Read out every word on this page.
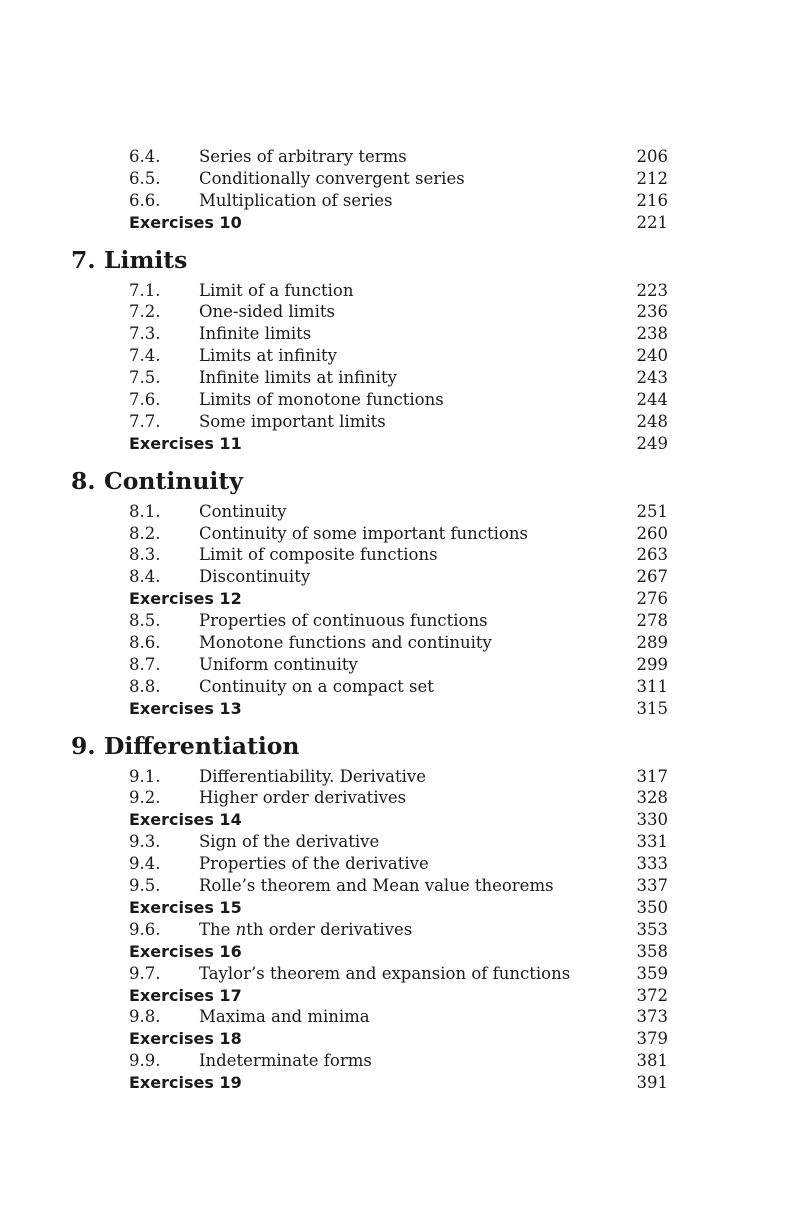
6.4. Series of arbitrary terms	206
6.5. Conditionally convergent series	212
6.6. Multiplication of series	216
Exercises 10	221
7. Limits
7.1. Limit of a function	223
7.2. One-sided limits	236
7.3. Infinite limits	238
7.4. Limits at infinity	240
7.5. Infinite limits at infinity	243
7.6. Limits of monotone functions	244
7.7. Some important limits	248
Exercises 11	249
8. Continuity
8.1. Continuity	251
8.2. Continuity of some important functions	260
8.3. Limit of composite functions	263
8.4. Discontinuity	267
Exercises 12	276
8.5. Properties of continuous functions	278
8.6. Monotone functions and continuity	289
8.7. Uniform continuity	299
8.8. Continuity on a compact set	311
Exercises 13	315
9. Differentiation
9.1. Differentiability. Derivative	317
9.2. Higher order derivatives	328
Exercises 14	330
9.3. Sign of the derivative	331
9.4. Properties of the derivative	333
9.5. Rolle’s theorem and Mean value theorems	337
Exercises 15	350
9.6. The nth order derivatives	353
Exercises 16	358
9.7. Taylor’s theorem and expansion of functions	359
Exercises 17	372
9.8. Maxima and minima	373
Exercises 18	379
9.9. Indeterminate forms	381
Exercises 19	391
